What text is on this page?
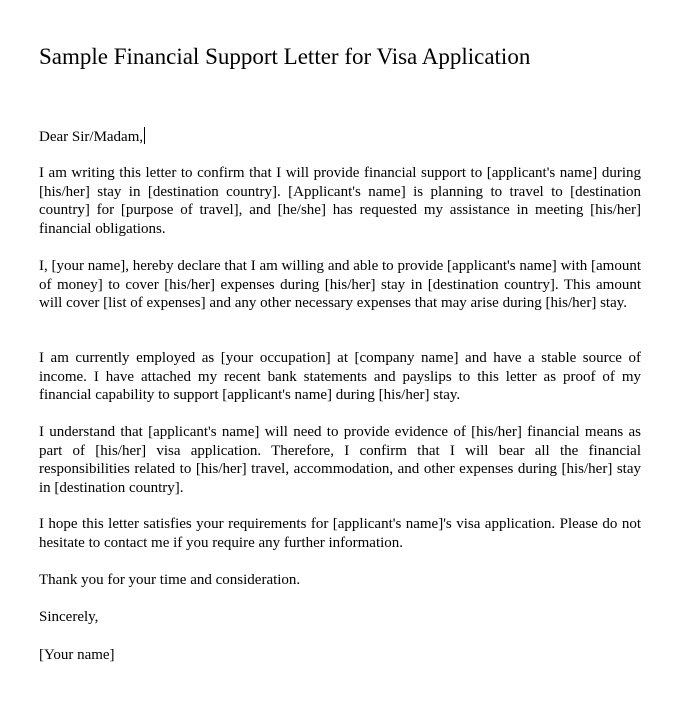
Sample Financial Support Letter for Visa Application

Dear Sir/Madam,

I am writing this letter to confirm that I will provide financial support to [applicant's name] during [his/her] stay in [destination country]. [Applicant's name] is planning to travel to [destination country] for [purpose of travel], and [he/she] has requested my assistance in meeting [his/her] financial obligations.

I, [your name], hereby declare that I am willing and able to provide [applicant's name] with [amount of money] to cover [his/her] expenses during [his/her] stay in [destination country]. This amount will cover [list of expenses] and any other necessary expenses that may arise during [his/her] stay.

I am currently employed as [your occupation] at [company name] and have a stable source of income. I have attached my recent bank statements and payslips to this letter as proof of my financial capability to support [applicant's name] during [his/her] stay.

I understand that [applicant's name] will need to provide evidence of [his/her] financial means as part of [his/her] visa application. Therefore, I confirm that I will bear all the financial responsibilities related to [his/her] travel, accommodation, and other expenses during [his/her] stay in [destination country].

I hope this letter satisfies your requirements for [applicant's name]'s visa application. Please do not hesitate to contact me if you require any further information.

Thank you for your time and consideration.

Sincerely,

[Your name]
